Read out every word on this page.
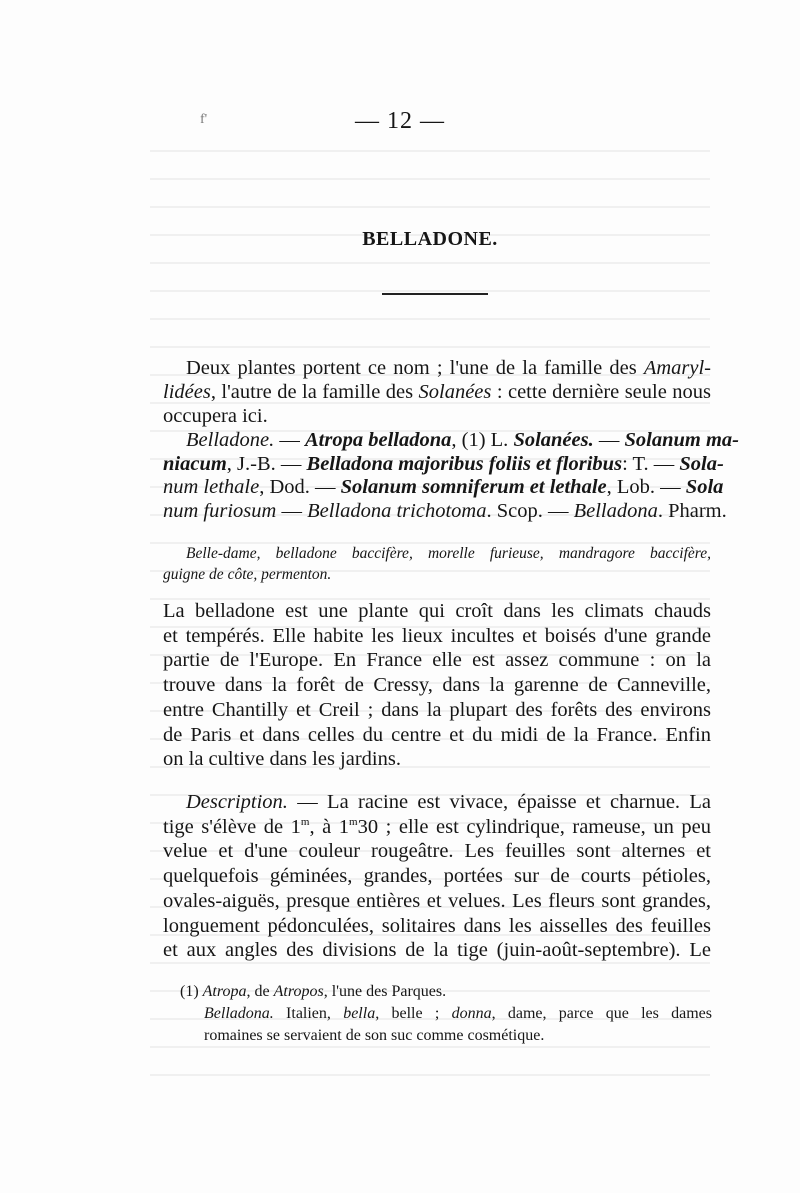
f'	— 12 —
BELLADONE.
Deux plantes portent ce nom ; l'une de la famille des Amaryl-
lidées, l'autre de la famille des Solanées : cette dernière seule nous
occupera ici.
Belladone. — Atropa belladona, (1) L. Solanées. — Solanum ma-
niacum, J.-B. — Belladona majoribus foliis et floribus: T. — Sola-
num lethale, Dod. — Solanum somniferum et lethale, Lob. — Sola
num furiosum — Belladona trichotoma. Scop. — Belladona. Pharm.
Belle-dame, belladone baccifère, morelle furieuse, mandragore baccifère,
guigne de côte, permenton.
La belladone est une plante qui croît dans les climats chauds
et tempérés. Elle habite les lieux incultes et boisés d'une grande
partie de l'Europe. En France elle est assez commune : on la
trouve dans la forêt de Cressy, dans la garenne de Canneville,
entre Chantilly et Creil ; dans la plupart des forêts des environs
de Paris et dans celles du centre et du midi de la France. Enfin
on la cultive dans les jardins.
Description. — La racine est vivace, épaisse et charnue. La
tige s'élève de 1$^m$, à 1$^m$30 ; elle est cylindrique, rameuse, un peu
velue et d'une couleur rougeâtre. Les feuilles sont alternes et
quelquefois géminées, grandes, portées sur de courts pétioles,
ovales-aiguës, presque entières et velues. Les fleurs sont grandes,
longuement pédonculées, solitaires dans les aisselles des feuilles
et aux angles des divisions de la tige (juin-août-septembre). Le
(1) Atropa, de Atropos, l'une des Parques.
Belladona. Italien, bella, belle ; donna, dame, parce que les dames
romaines se servaient de son suc comme cosmétique.
